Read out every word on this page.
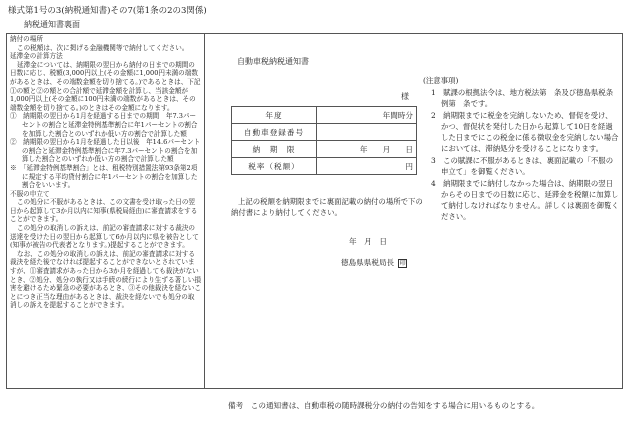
様式第1号の3(納税通知書)その7(第1条の2の3関係)
納税通知書裏面
納付の場所
この税額は、次に掲げる金融機関等で納付してください。
延滞金の計算方法
延滞金については、納期限の翌日から納付の日までの期間の日数に応じ、税額(3,000円以上(その金額に1,000円未満の端数があるときは、その端数金額を切り捨てる。)であるときは、下記①の額と②の額との合計額で延滞金額を計算し、当該金額が1,000円以上(その金額に100円未満の端数があるときは、その端数金額を切り捨てる。)のときはその金額になります。
①　納期限の翌日から1月を経過する日までの期間　年7.3パーセントの割合と延滞金特例基準割合に年1パーセントの割合を加算した割合とのいずれか低い方の割合で計算した額
②　納期限の翌日から1月を経過した日以後　年14.6パーセントの割合と延滞金特例基準割合に年7.3パーセントの割合を加算した割合とのいずれか低い方の割合で計算した額
※　「延滞金特例基準割合」とは、租税特別措置法第93条第2項に規定する平均貸付割合に年1パーセントの割合を加算した割合をいいます。
不服の申立て
この処分に不服があるときは、この文書を受け取った日の翌日から起算して3か月以内に知事(県税局経由)に審査請求をすることができます。
この処分の取消しの訴えは、前記の審査請求に対する裁決の送達を受けた日の翌日から起算して6か月以内に県を被告として(知事が被告の代表者となります。)提起することができます。
なお、この処分の取消しの訴えは、前記の審査請求に対する裁決を経た後でなければ提起することができないとされていますが、①審査請求があった日から3か月を経過しても裁決がないとき、②処分、処分の執行又は手続の続行により生ずる著しい損害を避けるため緊急の必要があるとき、③その他裁決を経ないことにつき正当な理由があるときは、裁決を経ないでも処分の取消しの訴えを提起することができます。
自動車税納税通知書
様
年度	年間時分
自動車登録番号	
納　期　限	年　　月　　日
税率（税額）	円
上記の税額を納期限までに裏面記載の納付の場所で下の納付書により納付してください。
年　月　日
徳島県県税局長 印
(注意事項)
1　賦課の根拠法令は、地方税法第　条及び徳島県税条例第　条です。
2　納期限までに税金を完納しないため、督促を受け、かつ、督促状を発付した日から起算して10日を経過した日までにこの税金に係る徴収金を完納しない場合においては、滞納処分を受けることになります。
3　この賦課に不服があるときは、裏面記載の「不服の申立て」を御覧ください。
4　納期限までに納付しなかった場合は、納期限の翌日からその日までの日数に応じ、延滞金を税額に加算して納付しなければなりません。詳しくは裏面を御覧ください。
備考　この通知書は、自動車税の随時課税分の納付の告知をする場合に用いるものとする。
